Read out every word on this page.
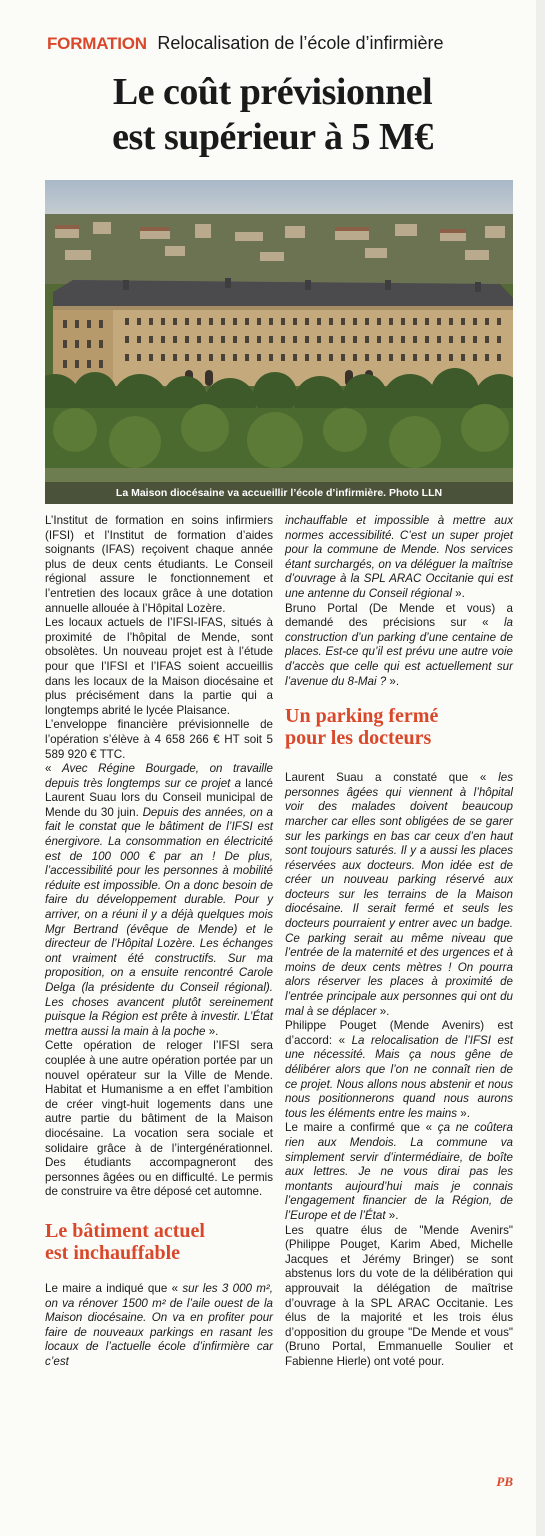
FORMATION Relocalisation de l’école d’infirmière
Le coût prévisionnel
est supérieur à 5 M€
La Maison diocésaine va accueillir l’école d’infirmière. Photo LLN

L’Institut de formation en soins infirmiers (IFSI) et l’Institut de formation d’aides soignants (IFAS) reçoivent chaque année plus de deux cents étudiants. Le Conseil régional assure le fonctionnement et l’entretien des locaux grâce à une dotation annuelle allouée à l’Hôpital Lozère.

Les locaux actuels de l’IFSI-IFAS, situés à proximité de l’hôpital de Mende, sont obsolètes. Un nouveau projet est à l’étude pour que l’IFSI et l’IFAS soient accueillis dans les locaux de la Maison diocésaine et plus précisément dans la partie qui a longtemps abrité le lycée Plaisance.

L’enveloppe financière prévisionnelle de l’opération s’élève à 4 658 266 € HT soit 5 589 920 € TTC.

« Avec Régine Bourgade, on travaille depuis très longtemps sur ce projet a lancé Laurent Suau lors du Conseil municipal de Mende du 30 juin. Depuis des années, on a fait le constat que le bâtiment de l’IFSI est énergivore. La consommation en électricité est de 100 000 € par an ! De plus, l’accessibilité pour les personnes à mobilité réduite est impossible. On a donc besoin de faire du développement durable. Pour y arriver, on a réuni il y a déjà quelques mois Mgr Bertrand (évêque de Mende) et le directeur de l’Hôpital Lozère. Les échanges ont vraiment été constructifs. Sur ma proposition, on a ensuite rencontré Carole Delga (la présidente du Conseil régional). Les choses avancent plutôt sereinement puisque la Région est prête à investir. L’État mettra aussi la main à la poche ».

Cette opération de reloger l’IFSI sera couplée à une autre opération portée par un nouvel opérateur sur la Ville de Mende. Habitat et Humanisme a en effet l’ambition de créer vingt-huit logements dans une autre partie du bâtiment de la Maison diocésaine. La vocation sera sociale et solidaire grâce à de l’intergénérationnel. Des étudiants accompagneront des personnes âgées ou en difficulté. Le permis de construire va être déposé cet automne.

Le bâtiment actuel
est inchauffable

Le maire a indiqué que « sur les 3 000 m², on va rénover 1500 m² de l’aile ouest de la Maison diocésaine. On va en profiter pour faire de nouveaux parkings en rasant les locaux de l’actuelle école d’infirmière car c’est

inchauffable et impossible à mettre aux normes accessibilité. C’est un super projet pour la commune de Mende. Nos services étant surchargés, on va déléguer la maîtrise d’ouvrage à la SPL ARAC Occitanie qui est une antenne du Conseil régional ».

Bruno Portal (De Mende et vous) a demandé des précisions sur « la construction d’un parking d’une centaine de places. Est-ce qu’il est prévu une autre voie d’accès que celle qui est actuellement sur l’avenue du 8-Mai ? ».

Un parking fermé
pour les docteurs

Laurent Suau a constaté que « les personnes âgées qui viennent à l’hôpital voir des malades doivent beaucoup marcher car elles sont obligées de se garer sur les parkings en bas car ceux d’en haut sont toujours saturés. Il y a aussi les places réservées aux docteurs. Mon idée est de créer un nouveau parking réservé aux docteurs sur les terrains de la Maison diocésaine. Il serait fermé et seuls les docteurs pourraient y entrer avec un badge. Ce parking serait au même niveau que l’entrée de la maternité et des urgences et à moins de deux cents mètres ! On pourra alors réserver les places à proximité de l’entrée principale aux personnes qui ont du mal à se déplacer ».

Philippe Pouget (Mende Avenirs) est d’accord: « La relocalisation de l’IFSI est une nécessité. Mais ça nous gêne de délibérer alors que l’on ne connaît rien de ce projet. Nous allons nous abstenir et nous nous positionnerons quand nous aurons tous les éléments entre les mains ».

Le maire a confirmé que « ça ne coûtera rien aux Mendois. La commune va simplement servir d’intermédiaire, de boîte aux lettres. Je ne vous dirai pas les montants aujourd’hui mais je connais l’engagement financier de la Région, de l’Europe et de l’État ».

Les quatre élus de "Mende Avenirs" (Philippe Pouget, Karim Abed, Michelle Jacques et Jérémy Bringer) se sont abstenus lors du vote de la délibération qui approuvait la délégation de maîtrise d’ouvrage à la SPL ARAC Occitanie. Les élus de la majorité et les trois élus d’opposition du groupe "De Mende et vous" (Bruno Portal, Emmanuelle Soulier et Fabienne Hierle) ont voté pour.

PB
